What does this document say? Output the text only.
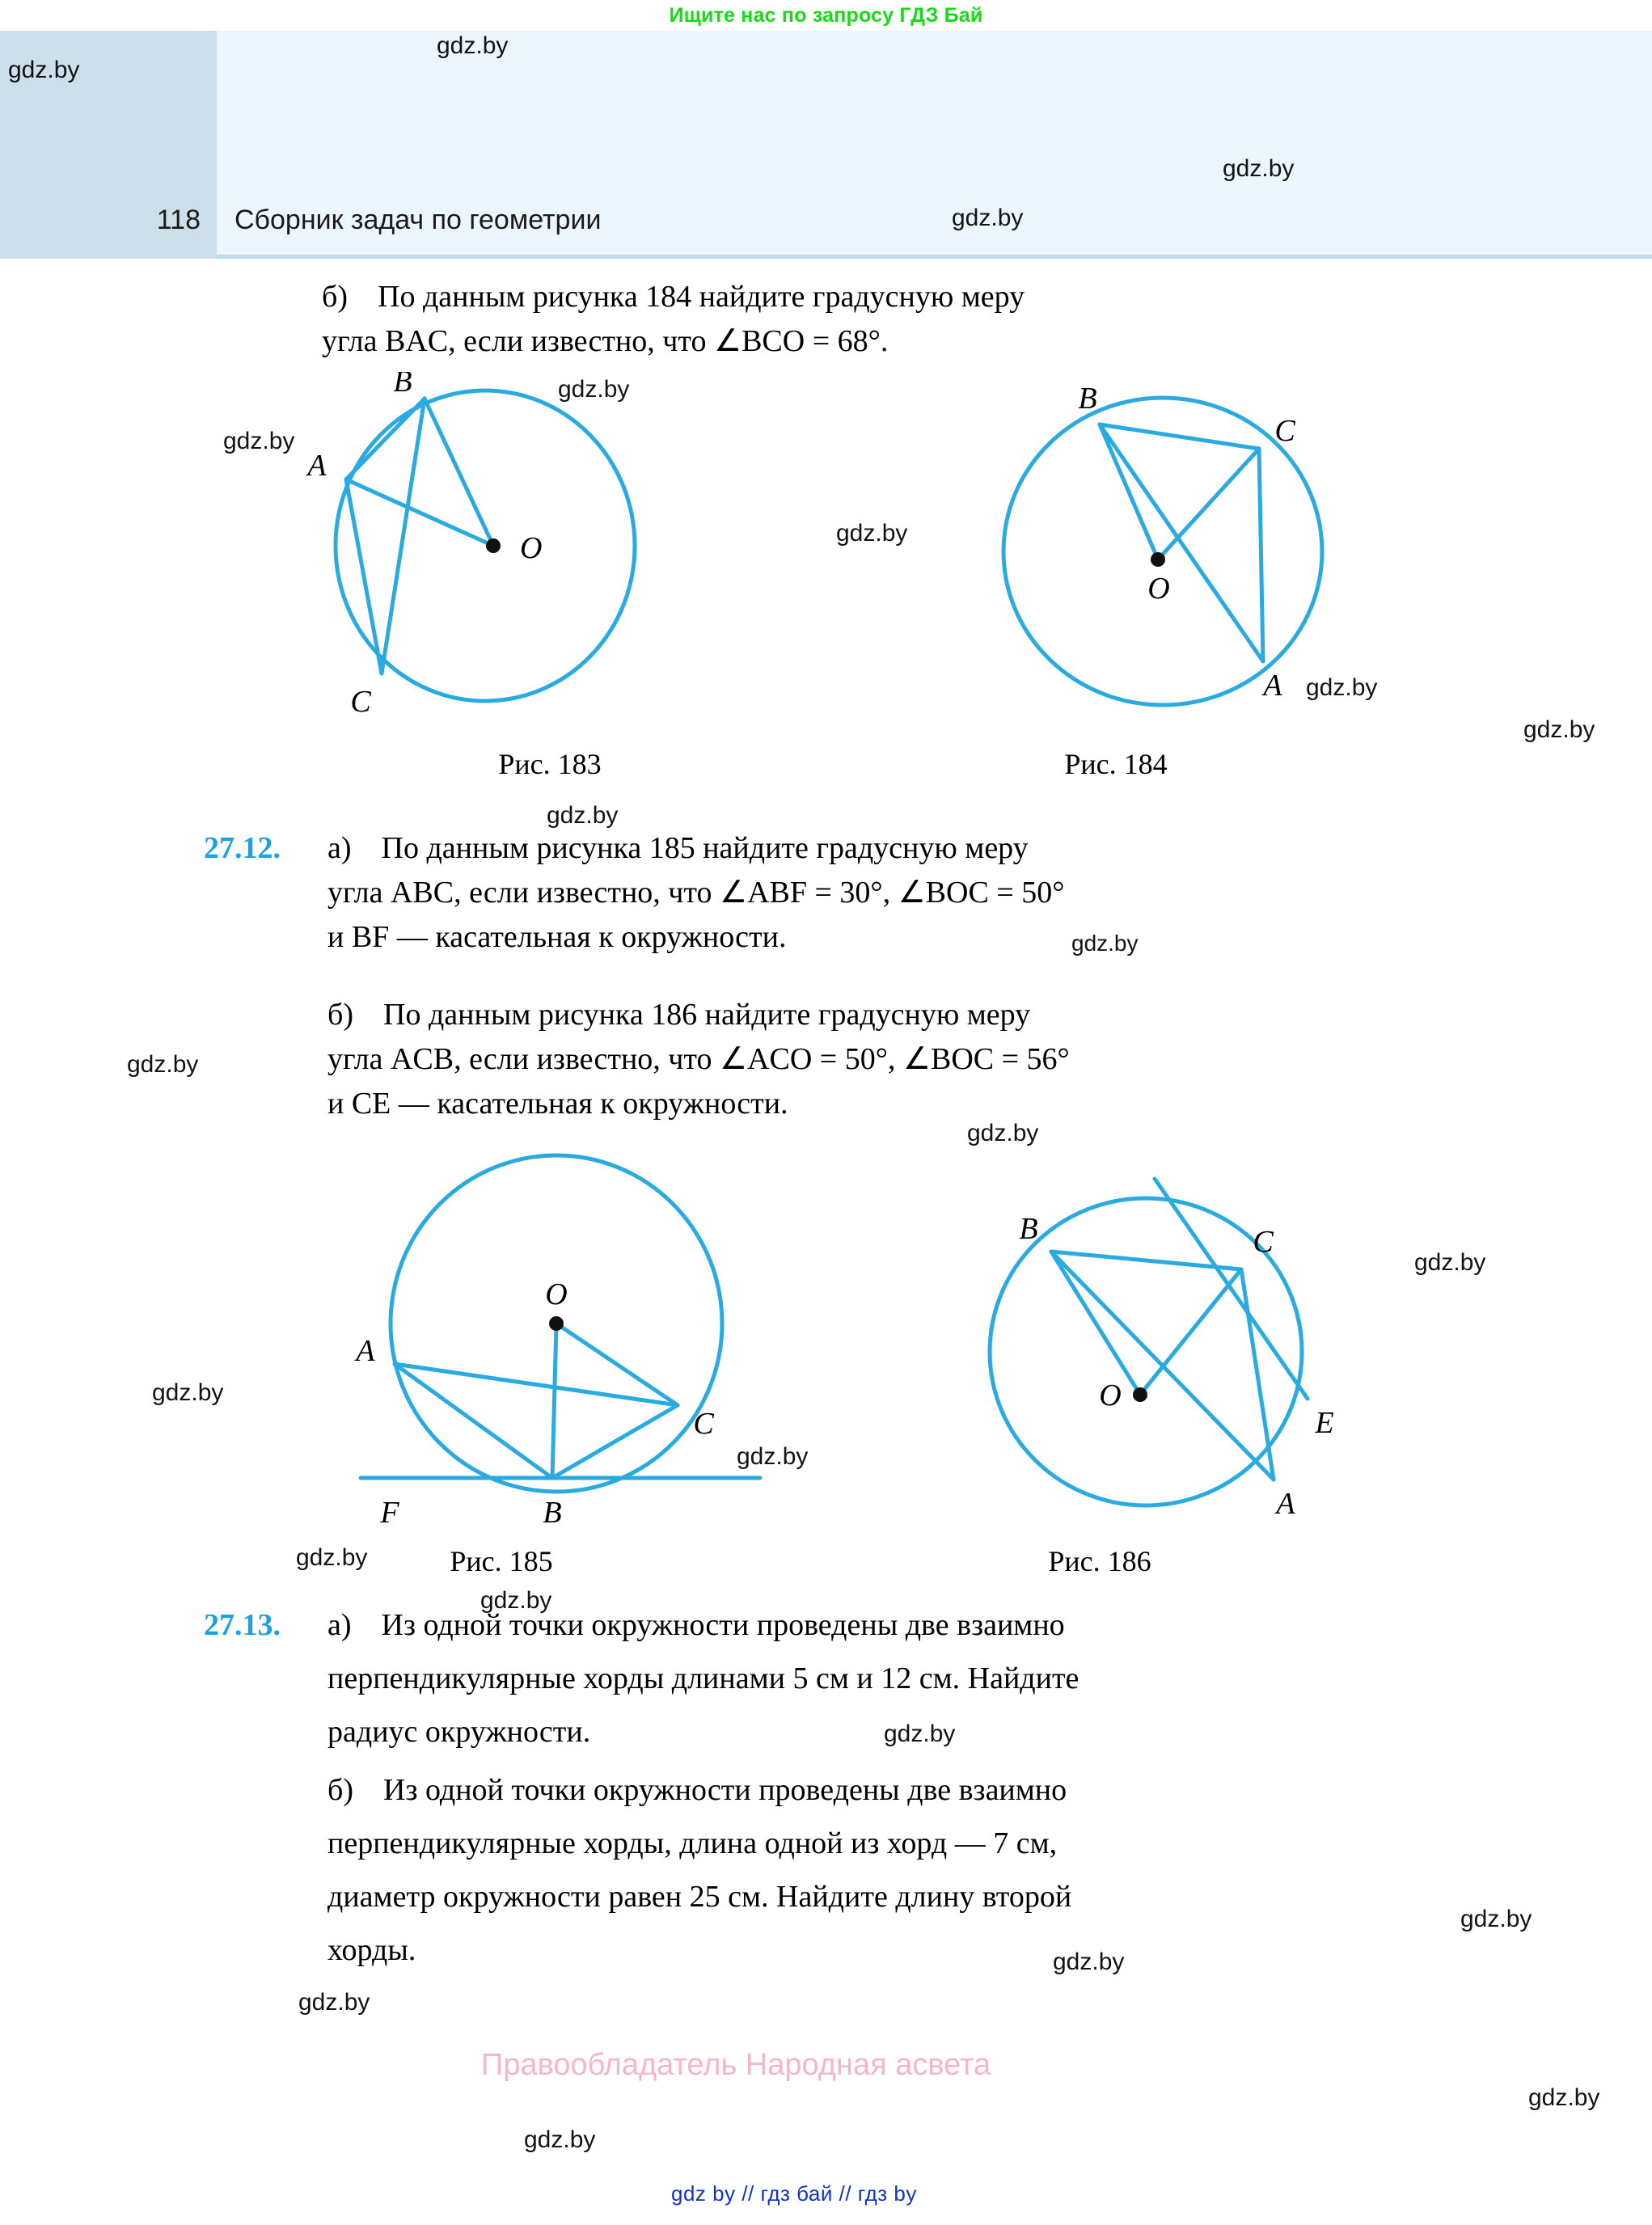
Ищите нас по запросу ГДЗ Бай
118 Сборник задач по геометрии
б) По данным рисунка 184 найдите градусную меру
угла BAC, если известно, что ∠BCO = 68°.
B
A
C
O
Рис. 183
B
C
A
O
Рис. 184
27.12. а) По данным рисунка 185 найдите градусную меру
угла ABC, если известно, что ∠ABF = 30°, ∠BOC = 50°
и BF — касательная к окружности.
б) По данным рисунка 186 найдите градусную меру
угла ACB, если известно, что ∠ACO = 50°, ∠BOC = 56°
и CE — касательная к окружности.
O
A
C
B
F
Рис. 185
B	C
O
A
E
Рис. 186
27.13. а) Из одной точки окружности проведены две взаимно
перпендикулярные хорды длинами 5 см и 12 см. Найдите
радиус окружности.
б) Из одной точки окружности проведены две взаимно
перпендикулярные хорды, длина одной из хорд — 7 см,
диаметр окружности равен 25 см. Найдите длину второй
хорды.
Правообладатель Народная асвета
gdz by // гдз бай // гдз by
gdz.by
gdz.by
gdz.by
gdz.by
gdz.by
gdz.by
gdz.by
gdz.by
gdz.by
gdz.by
gdz.by
gdz.by
gdz.by
gdz.by
gdz.by
gdz.by
gdz.by
gdz.by
gdz.by
gdz.by
gdz.by
gdz.by
gdz.by
gdz.by
